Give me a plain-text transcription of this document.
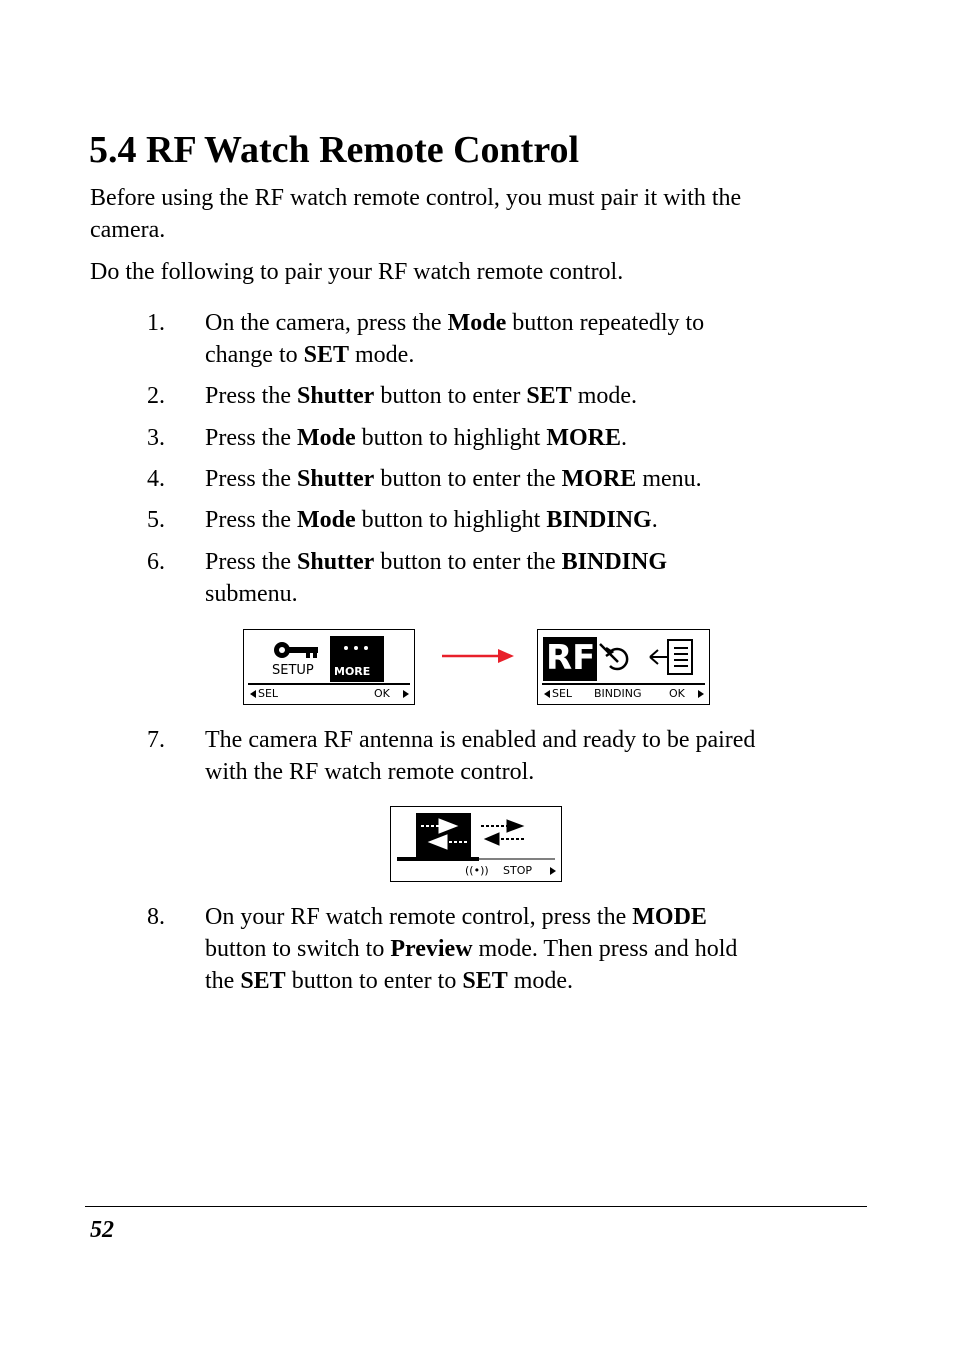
5.4 RF Watch Remote Control

Before using the RF watch remote control, you must pair it with the

camera.

Do the following to pair your RF watch remote control.

1. On the camera, press the Mode button repeatedly to

change to SET mode.

2. Press the Shutter button to enter SET mode.

3. Press the Mode button to highlight MORE.

4. Press the Shutter button to enter the MORE menu.

5. Press the Mode button to highlight BINDING.

6. Press the Shutter button to enter the BINDING

submenu.

SETUP MORE
SEL	OK
RF
SEL BINDING	OK
7. The camera RF antenna is enabled and ready to be paired

with the RF watch remote control.

((•)) STOP
8. On your RF watch remote control, press the MODE

button to switch to Preview mode. Then press and hold

the SET button to enter to SET mode.

52
